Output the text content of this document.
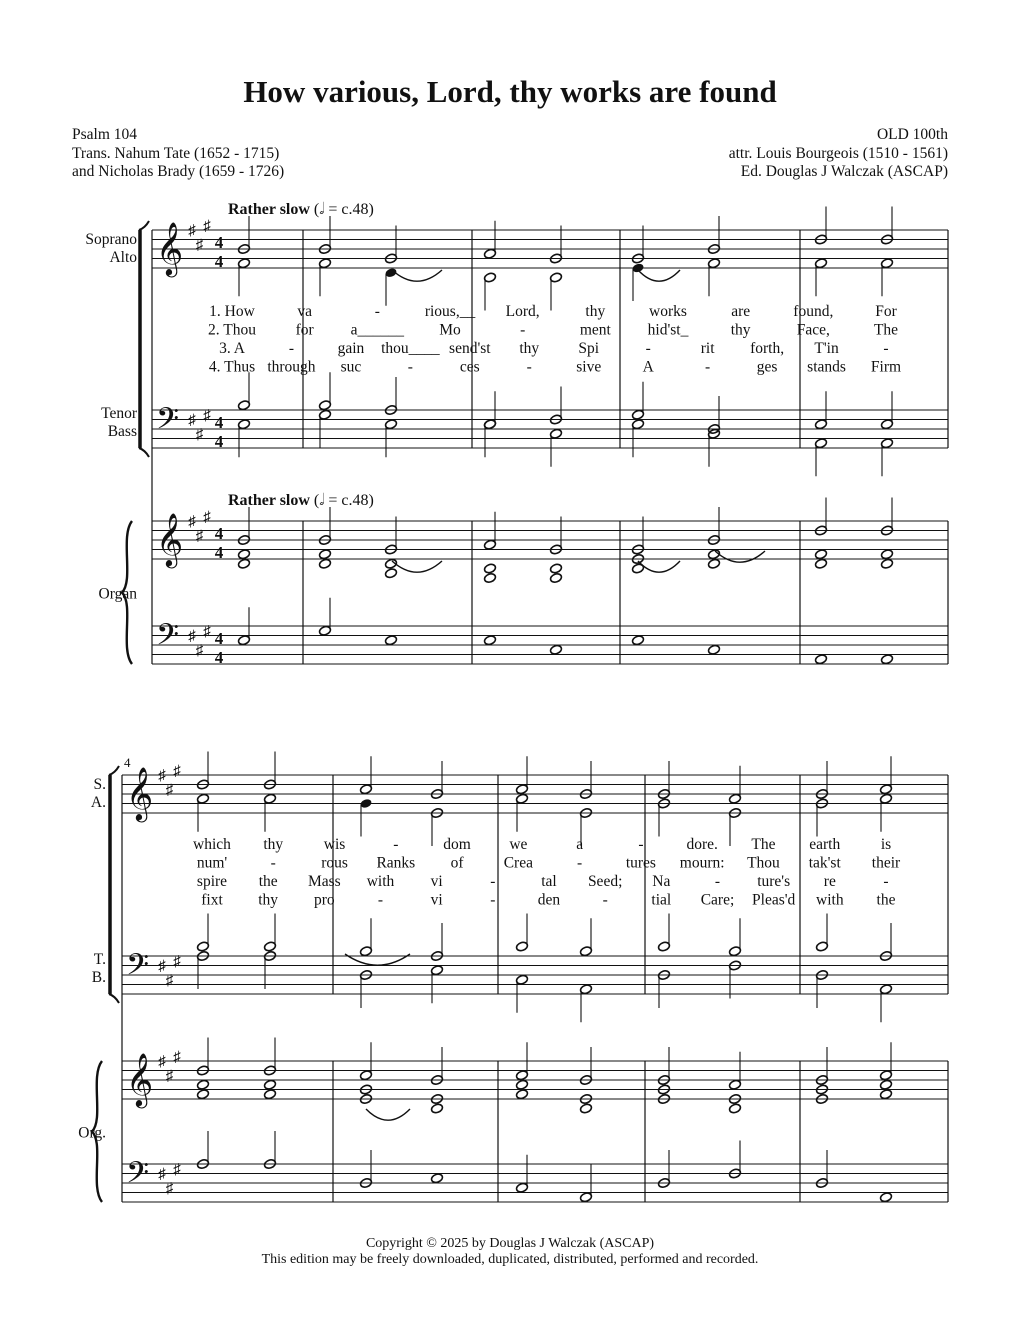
How various, Lord, thy works are found
Psalm 104
Trans. Nahum Tate (1652 - 1715)
and Nicholas Brady (1659 - 1726)
OLD 100th
attr. Louis Bourgeois (1510 - 1561)
Ed. Douglas J Walczak (ASCAP)
𝄞 ♯
♯
♯
𝄞 ♯
♯
♯
𝄢 ♯
♯
♯
𝄢 ♯
♯
♯
4
4
4
4
4
4
4
4
Soprano
Alto
Tenor
Bass
Organ
Rather slow (𝅗𝅥 = c.48)
Rather slow (𝅗𝅥 = c.48)
1. How	va	-	rious,__ Lord,	thy	works	are	found,	For
2. Thou	for a______ Mo	-	ment hid'st_	thy	Face,	The
3. A	-	gain thou____ send'st thy	Spi	-	rit forth, T'in	-
4. Thus through suc	-	ces	-	sive	A	-	ges stands Firm
𝄞 ♯
♯
♯
𝄞 ♯
♯
♯
𝄢 ♯
♯
♯
𝄢 ♯
♯
♯
S.
A.
T.
B.
Org.
4
which thy	wis	-	dom we	a	-	dore. The earth	is
num'	-	rous Ranks of	Crea	-	tures mourn: Thou tak'st their
spire the Mass with vi	-	tal Seed; Na	- ture's re	-
fixt thy pro	-	vi	-	den	-	tial Care; Pleas'd with the
Copyright © 2025 by Douglas J Walczak (ASCAP)
This edition may be freely downloaded, duplicated, distributed, performed and recorded.
